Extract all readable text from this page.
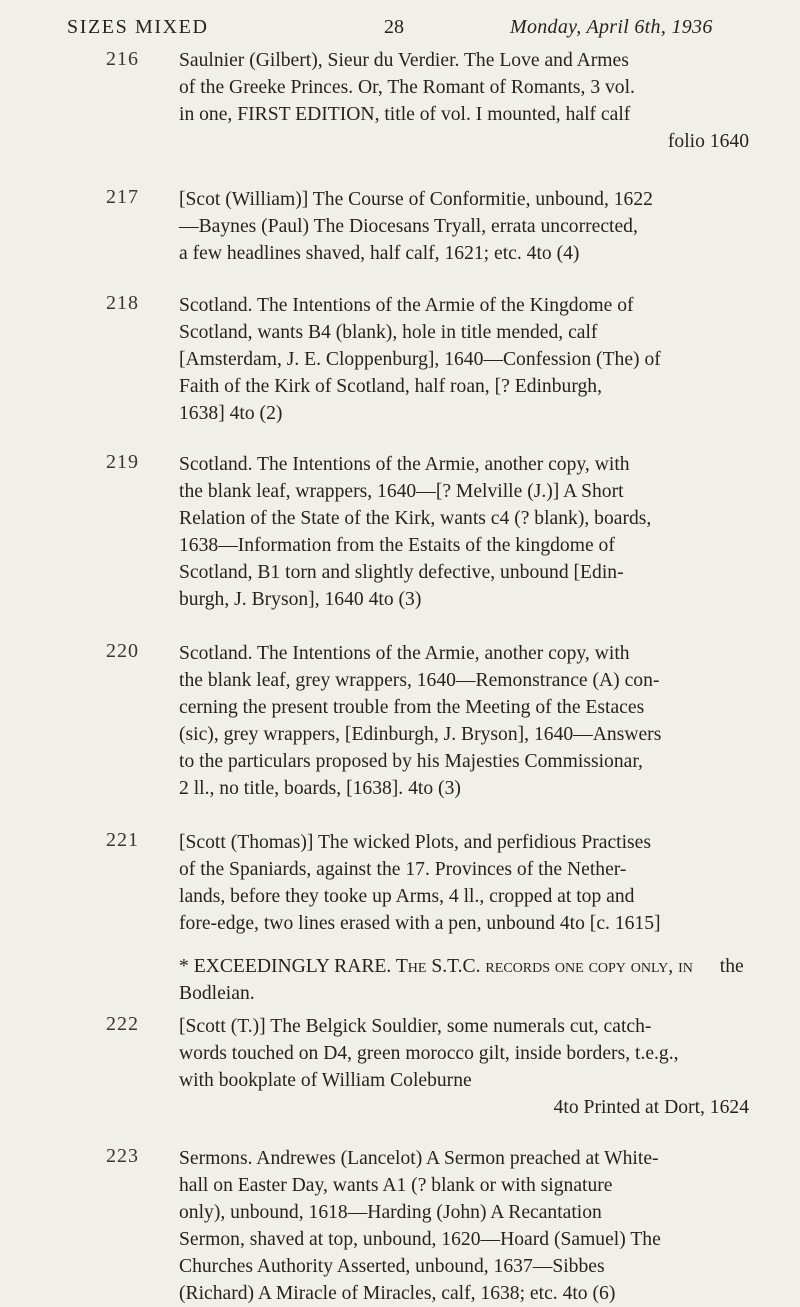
SIZES MIXED	28	Monday, April 6th, 1936
216 Saulnier (Gilbert), Sieur du Verdier. The Love and Armes
of the Greeke Princes. Or, The Romant of Romants, 3 vol.
in one, FIRST EDITION, title of vol. I mounted, half calf
folio 1640
217 [Scot (William)] The Course of Conformitie, unbound, 1622
—Baynes (Paul) The Diocesans Tryall, errata uncorrected,
a few headlines shaved, half calf, 1621; etc. 4to (4)
218 Scotland. The Intentions of the Armie of the Kingdome of
Scotland, wants B4 (blank), hole in title mended, calf
[Amsterdam, J. E. Cloppenburg], 1640—Confession (The) of
Faith of the Kirk of Scotland, half roan, [? Edinburgh,
1638] 4to (2)
219 Scotland. The Intentions of the Armie, another copy, with
the blank leaf, wrappers, 1640—[? Melville (J.)] A Short
Relation of the State of the Kirk, wants c4 (? blank), boards,
1638—Information from the Estaits of the kingdome of
Scotland, B1 torn and slightly defective, unbound [Edin-
burgh, J. Bryson], 1640 4to (3)
220 Scotland. The Intentions of the Armie, another copy, with
the blank leaf, grey wrappers, 1640—Remonstrance (A) con-
cerning the present trouble from the Meeting of the Estaces
(sic), grey wrappers, [Edinburgh, J. Bryson], 1640—Answers
to the particulars proposed by his Majesties Commissionar,
2 ll., no title, boards, [1638]. 4to (3)
221 [Scott (Thomas)] The wicked Plots, and perfidious Practises
of the Spaniards, against the 17. Provinces of the Nether-
lands, before they tooke up Arms, 4 ll., cropped at top and
fore-edge, two lines erased with a pen, unbound 4to [c. 1615]
* EXCEEDINGLY RARE. The S.T.C. records one copy only, in the Bodleian.
222 [Scott (T.)] The Belgick Souldier, some numerals cut, catch-
words touched on D4, green morocco gilt, inside borders, t.e.g.,
with bookplate of William Coleburne
4to Printed at Dort, 1624
223 Sermons. Andrewes (Lancelot) A Sermon preached at White-
hall on Easter Day, wants A1 (? blank or with signature
only), unbound, 1618—Harding (John) A Recantation
Sermon, shaved at top, unbound, 1620—Hoard (Samuel) The
Churches Authority Asserted, unbound, 1637—Sibbes
(Richard) A Miracle of Miracles, calf, 1638; etc. 4to (6)
